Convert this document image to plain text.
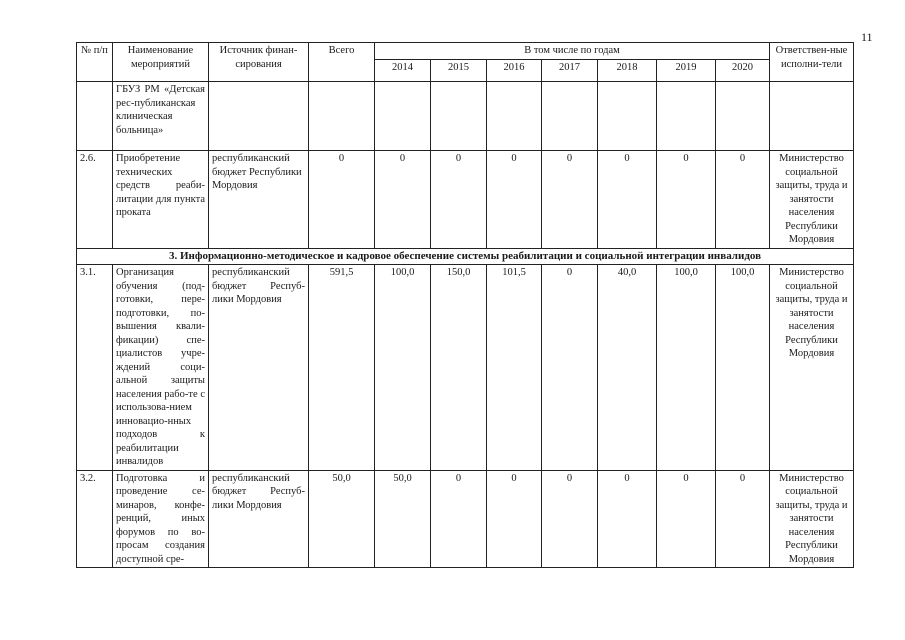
11
№ п/п	Наименование мероприятий	Источник финан-сирования	Всего	В том числе по годам							Ответствен-ные исполни-тели
				2014	2015	2016	2017	2018	2019	2020	
	ГБУЗ РМ «Детская рес-публиканская клиническая больница»										
2.6.	Приобретение технических средств реаби-литации для пункта проката	республиканский бюджет Республики Мордовия	0	0	0	0	0	0	0	0	Министерство социальной защиты, труда и занятости населения Республики Мордовия
3. Информационно-методическое и кадровое обеспечение системы реабилитации и социальной интеграции инвалидов											
3.1.	Организация обучения (под-готовки, пере-подготовки, по-вышения квали-фикации) спе-циалистов учре-ждений соци-альной защиты населения рабо-те с использова-нием инновацио-нных подходов к реабилитации инвалидов	республиканский бюджет Респуб-лики Мордовия	591,5	100,0	150,0	101,5	0	40,0	100,0	100,0	Министерство социальной защиты, труда и занятости населения Республики Мордовия
3.2.	Подготовка и проведение се-минаров, конфе-ренций, иных форумов по во-просам создания доступной сре-	республиканский бюджет Респуб-лики Мордовия	50,0	50,0	0	0	0	0	0	0	Министерство социальной защиты, труда и занятости населения Республики Мордовия
